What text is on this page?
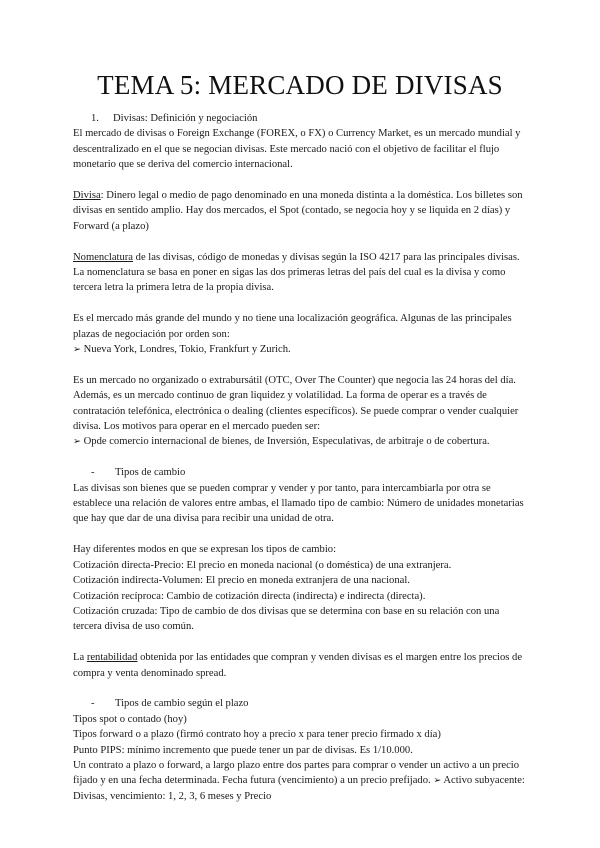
TEMA 5: MERCADO DE DIVISAS

1. Divisas: Definición y negociación

El mercado de divisas o Foreign Exchange (FOREX, o FX) o Currency Market, es un mercado mundial y descentralizado en el que se negocian divisas. Este mercado nació con el objetivo de facilitar el flujo monetario que se deriva del comercio internacional.

Divisa: Dinero legal o medio de pago denominado en una moneda distinta a la doméstica. Los billetes son divisas en sentido amplio. Hay dos mercados, el Spot (contado, se negocia hoy y se liquida en 2 días) y Forward (a plazo)

Nomenclatura de las divisas, código de monedas y divisas según la ISO 4217 para las principales divisas. La nomenclatura se basa en poner en sigas las dos primeras letras del país del cual es la divisa y como tercera letra la primera letra de la propia divisa.

Es el mercado más grande del mundo y no tiene una localización geográfica. Algunas de las principales plazas de negociación por orden son:

➢ Nueva York, Londres, Tokio, Frankfurt y Zurich.

Es un mercado no organizado o extrabursátil (OTC, Over The Counter) que negocia las 24 horas del día. Además, es un mercado continuo de gran liquidez y volatilidad. La forma de operar es a través de contratación telefónica, electrónica o dealing (clientes específicos). Se puede comprar o vender cualquier divisa. Los motivos para operar en el mercado pueden ser:

➢ Opde comercio internacional de bienes, de Inversión, Especulativas, de arbitraje o de cobertura.

- Tipos de cambio

Las divisas son bienes que se pueden comprar y vender y por tanto, para intercambiarla por otra se establece una relación de valores entre ambas, el llamado tipo de cambio: Número de unidades monetarias que hay que dar de una divisa para recibir una unidad de otra.

Hay diferentes modos en que se expresan los tipos de cambio:

Cotización directa-Precio: El precio en moneda nacional (o doméstica) de una extranjera.

Cotización indirecta-Volumen: El precio en moneda extranjera de una nacional.

Cotización recíproca: Cambio de cotización directa (indirecta) e indirecta (directa).

Cotización cruzada: Tipo de cambio de dos divisas que se determina con base en su relación con una tercera divisa de uso común.

La rentabilidad obtenida por las entidades que compran y venden divisas es el margen entre los precios de compra y venta denominado spread.

- Tipos de cambio según el plazo

Tipos spot o contado (hoy)

Tipos forward o a plazo (firmó contrato hoy a precio x para tener precio firmado x día)

Punto PIPS: mínimo incremento que puede tener un par de divisas. Es 1/10.000.

Un contrato a plazo o forward, a largo plazo entre dos partes para comprar o vender un activo a un precio fijado y en una fecha determinada. Fecha futura (vencimiento) a un precio prefijado. ➢ Activo subyacente: Divisas, vencimiento: 1, 2, 3, 6 meses y Precio
